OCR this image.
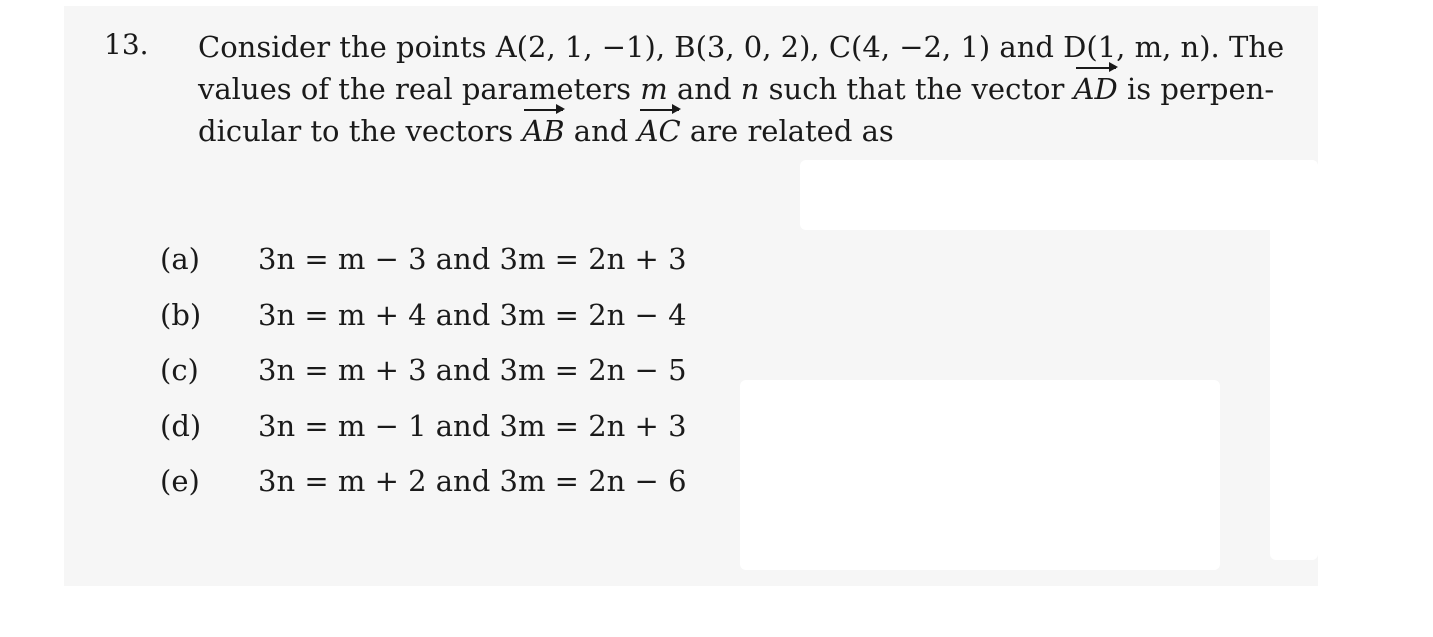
13. Consider the points A(2, 1, −1), B(3, 0, 2), C(4, −2, 1) and D(1, m, n). The
values of the real parameters m and n such that the vector AD is perpen-
dicular to the vectors AB and AC are related as
(a)	3n = m − 3 and 3m = 2n + 3
(b)	3n = m + 4 and 3m = 2n − 4
(c)	3n = m + 3 and 3m = 2n − 5
(d)	3n = m − 1 and 3m = 2n + 3
(e)	3n = m + 2 and 3m = 2n − 6
